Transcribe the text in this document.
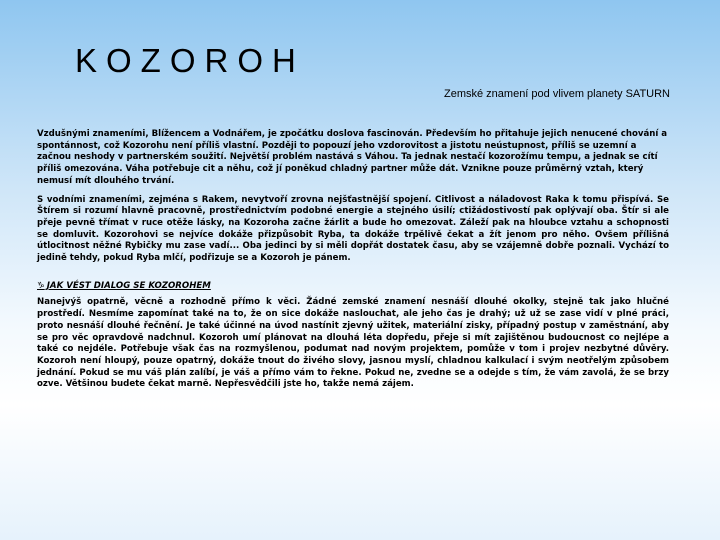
KOZOROH

Zemské znamení pod vlivem planety SATURN

Vzdušnými znameními, Blížencem a Vodnářem, je zpočátku doslova fascinován. Především ho přitahuje jejich nenucené chování a spontánnost, což Kozorohu není příliš vlastní. Později to popouzí jeho vzdorovitost a jistotu neústupnost, příliš se uzemní a začnou neshody v partnerském soužití. Největší problém nastává s Váhou. Ta jednak nestačí kozorožímu tempu, a jednak se cítí příliš omezována. Váha potřebuje cit a něhu, což jí poněkud chladný partner může dát. Vznikne pouze průměrný vztah, který nemusí mít dlouhého trvání.

S vodními znameními, zejména s Rakem, nevytvoří zrovna nejšťastnější spojení. Citlivost a náladovost Raka k tomu přispívá. Se Štírem si rozumí hlavně pracovně, prostřednictvím podobné energie a stejného úsilí; ctižádostivostí pak oplývají oba. Štír si ale přeje pevně třímat v ruce otěže lásky, na Kozoroha začne žárlit a bude ho omezovat. Záleží pak na hloubce vztahu a schopnosti se domluvit. Kozorohovi se nejvíce dokáže přizpůsobit Ryba, ta dokáže trpělivě čekat a žít jenom pro něho. Ovšem přílišná útlocitnost něžné Rybičky mu zase vadí... Oba jedinci by si měli dopřát dostatek času, aby se vzájemně dobře poznali. Vychází to jedině tehdy, pokud Ryba mlčí, podřizuje se a Kozoroh je pánem.

♑ JAK VÉST DIALOG SE KOZOROHEM

Nanejvýš opatrně, věcně a rozhodně přímo k věci. Žádné zemské znamení nesnáší dlouhé okolky, stejně tak jako hlučné prostředí. Nesmíme zapomínat také na to, že on sice dokáže naslouchat, ale jeho čas je drahý; už už se zase vidí v plné práci, proto nesnáší dlouhé řečnění. Je také účinné na úvod nastínit zjevný užitek, materiální zisky, případný postup v zaměstnání, aby se pro věc opravdově nadchnul. Kozoroh umí plánovat na dlouhá léta dopředu, přeje si mít zajištěnou budoucnost co nejlépe a také co nejdéle. Potřebuje však čas na rozmyšlenou, podumat nad novým projektem, pomůže v tom i projev nezbytné důvěry. Kozoroh není hloupý, pouze opatrný, dokáže tnout do živého slovy, jasnou myslí, chladnou kalkulací i svým neotřelým způsobem jednání. Pokud se mu váš plán zalíbí, je váš a přímo vám to řekne. Pokud ne, zvedne se a odejde s tím, že vám zavolá, že se brzy ozve. Většinou budete čekat marně. Nepřesvědčili jste ho, takže nemá zájem.
